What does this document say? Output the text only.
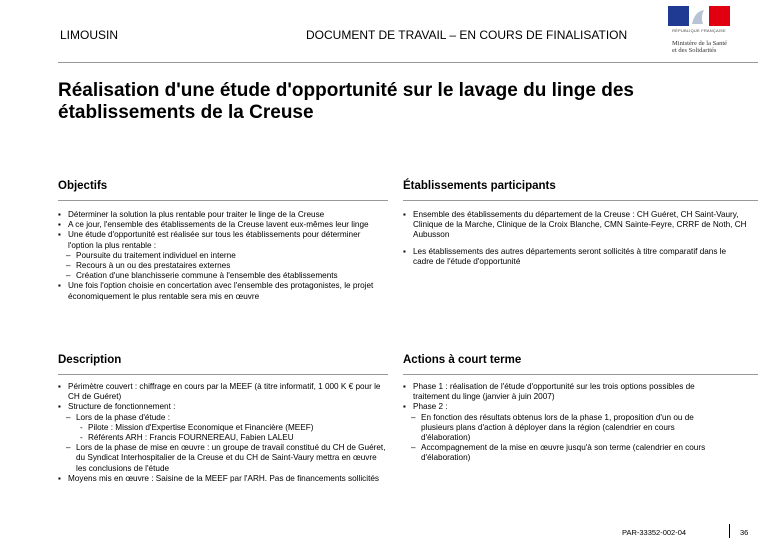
LIMOUSIN	DOCUMENT DE TRAVAIL – EN COURS DE FINALISATION	RÉPUBLIQUE FRANÇAISE
Ministère de la Santé
et des Solidarités
Réalisation d'une étude d'opportunité sur le lavage du linge des
établissements de la Creuse
Objectifs
▪ Déterminer la solution la plus rentable pour traiter le linge de la Creuse
▪ A ce jour, l'ensemble des établissements de la Creuse lavent eux-mêmes leur linge
▪ Une étude d'opportunité est réalisée sur tous les établissements pour déterminer l'option la plus rentable :
– Poursuite du traitement individuel en interne
– Recours à un ou des prestataires externes
– Création d'une blanchisserie commune à l'ensemble des établissements
▪ Une fois l'option choisie en concertation avec l'ensemble des protagonistes, le projet économiquement le plus rentable sera mis en œuvre
Établissements participants
▪ Ensemble des établissements du département de la Creuse : CH Guéret, CH Saint-Vaury, Clinique de la Marche, Clinique de la Croix Blanche, CMN Sainte-Feyre, CRRF de Noth, CH Aubusson
▪ Les établissements des autres départements seront sollicités à titre comparatif dans le cadre de l'étude d'opportunité
Description
▪ Périmètre couvert : chiffrage en cours par la MEEF (à titre informatif, 1 000 K € pour le CH de Guéret)
▪ Structure de fonctionnement :
– Lors de la phase d'étude :
- Pilote : Mission d'Expertise Economique et Financière (MEEF)
- Référents ARH : Francis FOURNEREAU, Fabien LALEU
– Lors de la phase de mise en œuvre : un groupe de travail constitué du CH de Guéret, du Syndicat Interhospitalier de la Creuse et du CH de Saint-Vaury mettra en œuvre les conclusions de l'étude
▪ Moyens mis en œuvre : Saisine de la MEEF par l'ARH. Pas de financements sollicités
Actions à court terme
▪ Phase 1 : réalisation de l'étude d'opportunité sur les trois options possibles de traitement du linge (janvier à juin 2007)
▪ Phase 2 :
– En fonction des résultats obtenus lors de la phase 1, proposition d'un ou de plusieurs plans d'action à déployer dans la région (calendrier en cours d'élaboration)
– Accompagnement de la mise en œuvre jusqu'à son terme (calendrier en cours d'élaboration)
PAR-33352-002-04	36
